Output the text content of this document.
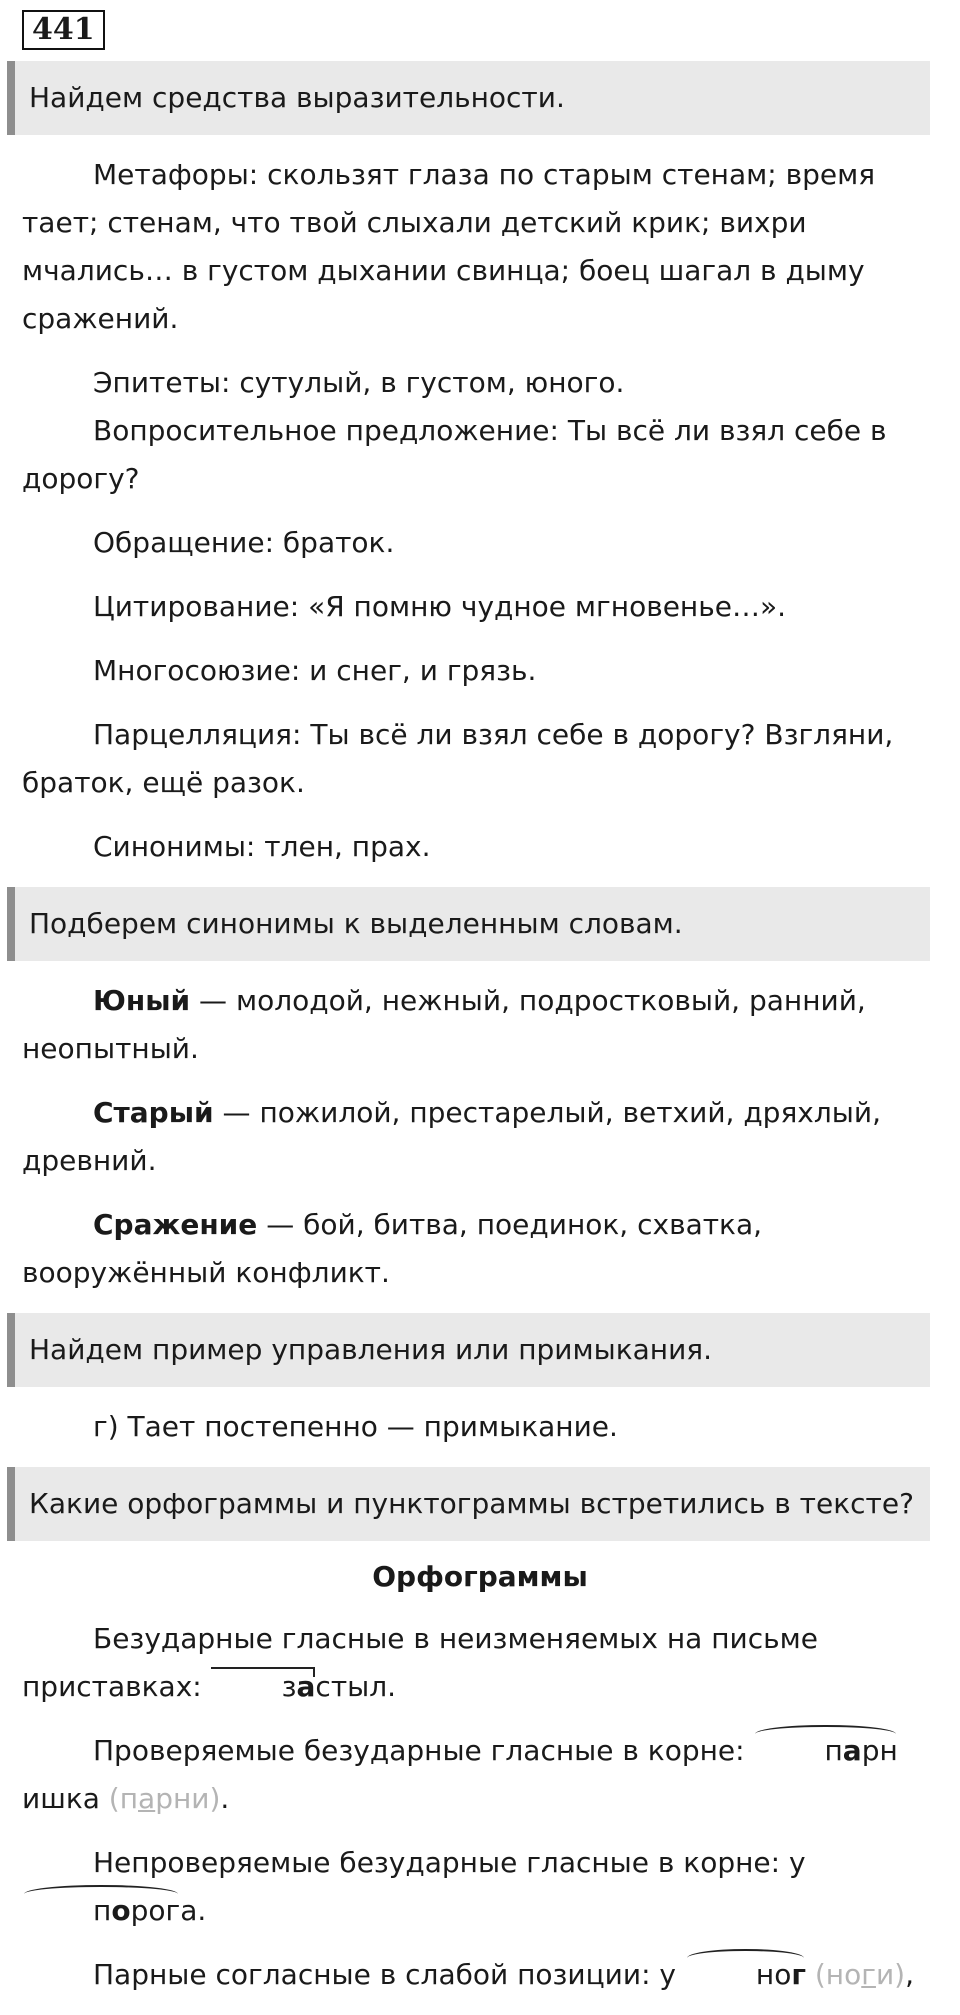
441
Найдем средства выразительности.

Метафоры: скользят глаза по старым стенам; время тает; стенам, что твой слыхали детский крик; вихри мчались… в густом дыхании свинца; боец шагал в дыму сражений.

Эпитеты: сутулый, в густом, юного.

Вопросительное предложение: Ты всё ли взял себе в дорогу?

Обращение: браток.

Цитирование: «Я помню чудное мгновенье…».

Многосоюзие: и снег, и грязь.

Парцелляция: Ты всё ли взял себе в дорогу? Взгляни, браток, ещё разок.

Синонимы: тлен, прах.

Подберем синонимы к выделенным словам.

Юный — молодой, нежный, подростковый, ранний, неопытный.

Старый — пожилой, престарелый, ветхий, дряхлый, древний.

Сражение — бой, битва, поединок, схватка, вооружённый конфликт.

Найдем пример управления или примыкания.

г) Тает постепенно — примыкание.

Какие орфограммы и пунктограммы встретились в тексте?
Орфограммы

Безударные гласные в неизменяемых на письме приставках:	застыл.

Проверяемые безударные гласные в корне:	парнишка (парни).

Непроверяемые безударные гласные в корне: у порога.

Парные согласные в слабой позиции: у	ног (ноги),
